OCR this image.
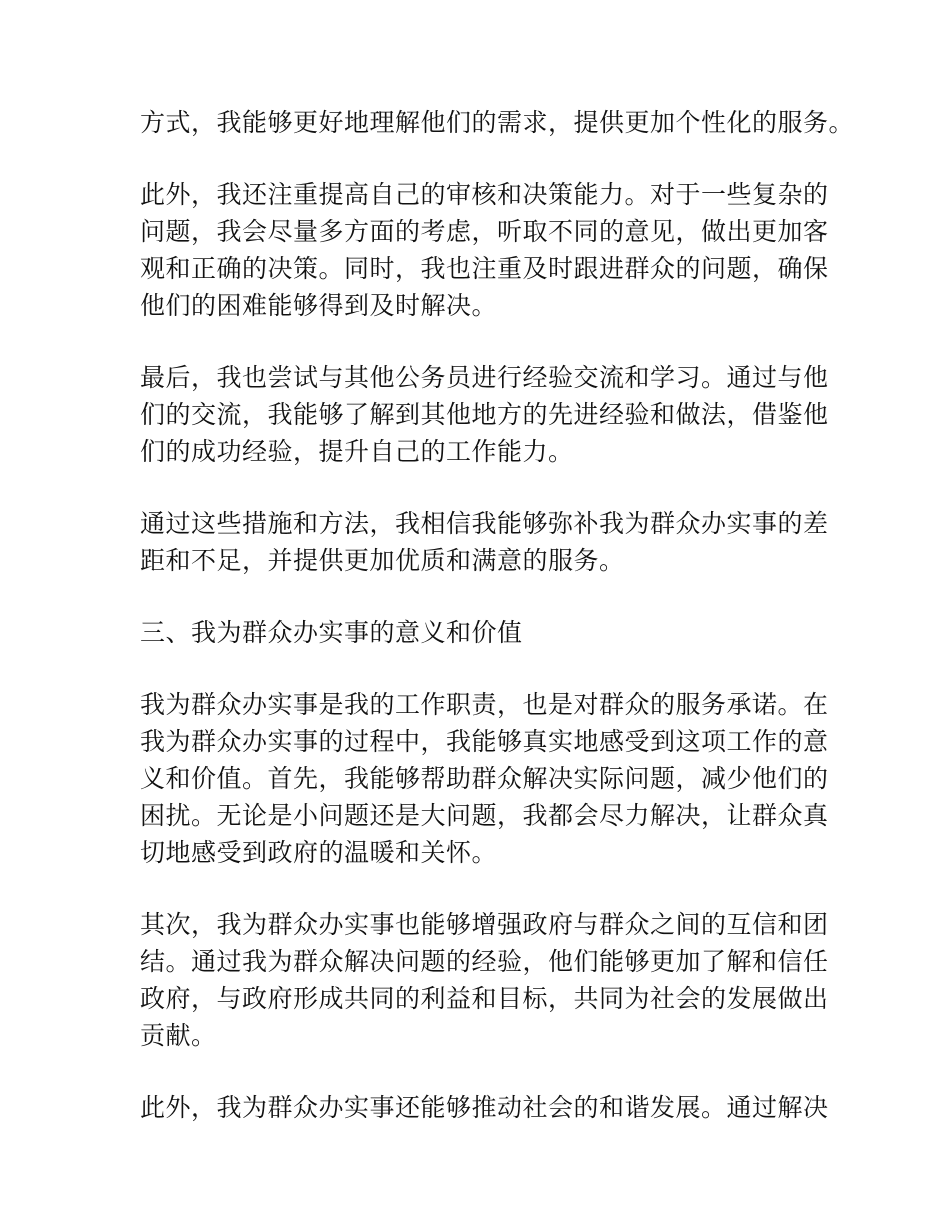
方式，我能够更好地理解他们的需求，提供更加个性化的服务。
此外，我还注重提高自己的审核和决策能力。对于一些复杂的
问题，我会尽量多方面的考虑，听取不同的意见，做出更加客
观和正确的决策。同时，我也注重及时跟进群众的问题，确保
他们的困难能够得到及时解决。
最后，我也尝试与其他公务员进行经验交流和学习。通过与他
们的交流，我能够了解到其他地方的先进经验和做法，借鉴他
们的成功经验，提升自己的工作能力。
通过这些措施和方法，我相信我能够弥补我为群众办实事的差
距和不足，并提供更加优质和满意的服务。
三、我为群众办实事的意义和价值
我为群众办实事是我的工作职责，也是对群众的服务承诺。在
我为群众办实事的过程中，我能够真实地感受到这项工作的意
义和价值。首先，我能够帮助群众解决实际问题，减少他们的
困扰。无论是小问题还是大问题，我都会尽力解决，让群众真
切地感受到政府的温暖和关怀。
其次，我为群众办实事也能够增强政府与群众之间的互信和团
结。通过我为群众解决问题的经验，他们能够更加了解和信任
政府，与政府形成共同的利益和目标，共同为社会的发展做出
贡献。
此外，我为群众办实事还能够推动社会的和谐发展。通过解决
